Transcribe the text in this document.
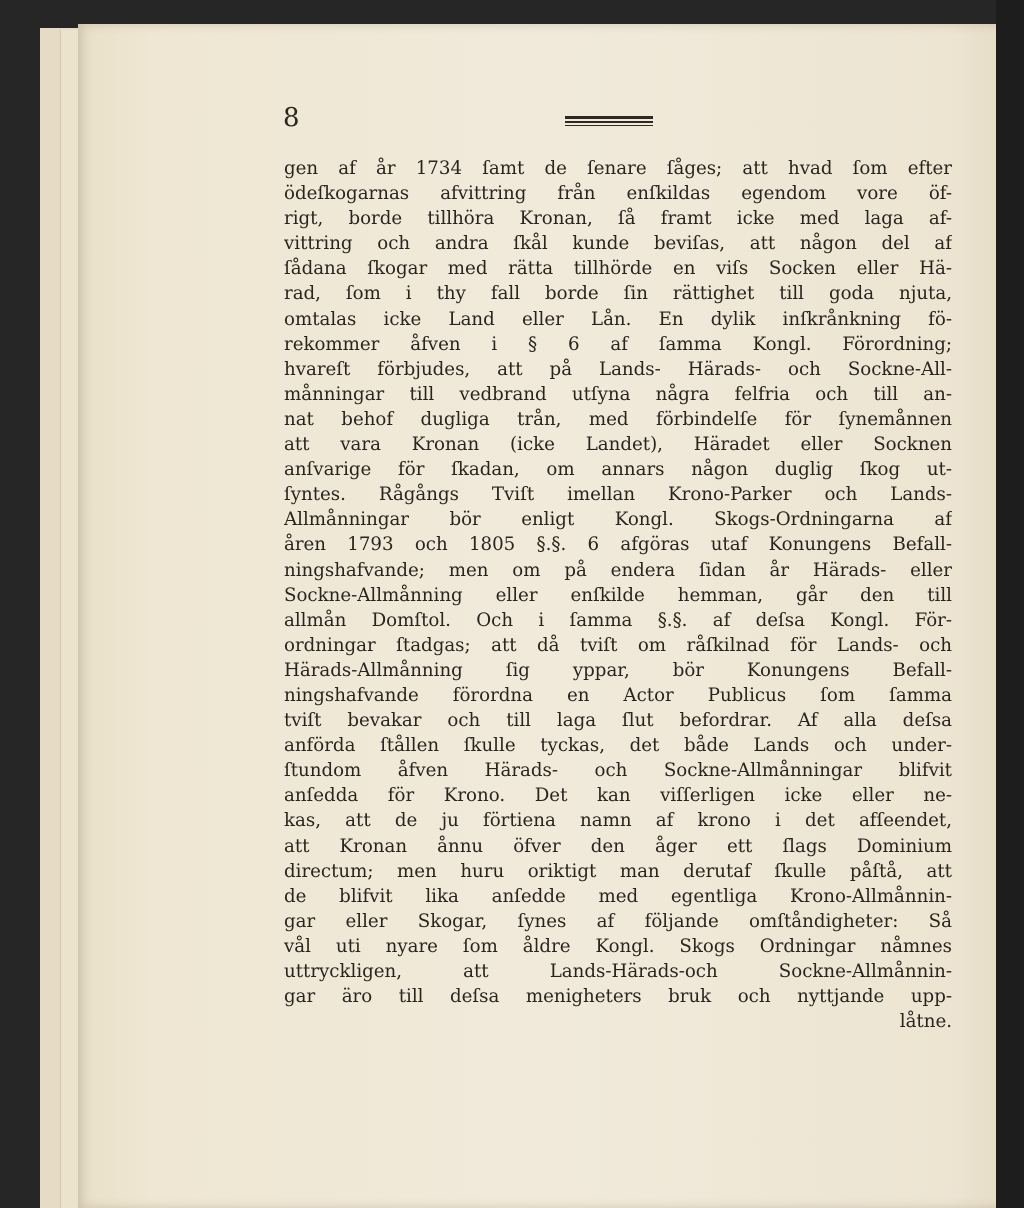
8
gen af år 1734 ſamt de ſenare ſåges; att hvad ſom efter
ödeſkogarnas afvittring från enſkildas egendom vore öf-
rigt, borde tillhöra Kronan, ſå framt icke med laga af-
vittring och andra ſkål kunde beviſas, att någon del af
ſådana ſkogar med rätta tillhörde en viſs Socken eller Hä-
rad, ſom i thy fall borde ſin rättighet till goda njuta,
omtalas icke Land eller Lån. En dylik inſkrånkning fö-
rekommer åfven i § 6 af ſamma Kongl. Förordning;
hvareſt förbjudes, att på Lands- Härads- och Sockne-All-
månningar till vedbrand utſyna några felfria och till an-
nat behof dugliga trån, med förbindelſe för ſynemånnen
att vara Kronan (icke Landet), Häradet eller Socknen
anſvarige för ſkadan, om annars någon duglig ſkog ut-
ſyntes. Rågångs Tviſt imellan Krono-Parker och Lands-
Allmånningar bör enligt Kongl. Skogs-Ordningarna af
åren 1793 och 1805 §.§. 6 afgöras utaf Konungens Befall-
ningshafvande; men om på endera ſidan år Härads- eller
Sockne-Allmånning eller enſkilde hemman, går den till
allmån Domſtol. Och i ſamma §.§. af deſsa Kongl. För-
ordningar ſtadgas; att då tviſt om råſkilnad för Lands- och
Härads-Allmånning ſig yppar, bör Konungens Befall-
ningshafvande förordna en Actor Publicus ſom ſamma
tviſt bevakar och till laga ſlut befordrar. Af alla deſsa
anförda ſtållen ſkulle tyckas, det både Lands och under-
ſtundom åfven Härads- och Sockne-Allmånningar blifvit
anſedda för Krono. Det kan viſſerligen icke eller ne-
kas, att de ju förtiena namn af krono i det afſeendet,
att Kronan ånnu öfver den åger ett ſlags Dominium
directum; men huru oriktigt man derutaf ſkulle påſtå, att
de blifvit lika anſedde med egentliga Krono-Allmånnin-
gar eller Skogar, ſynes af följande omſtåndigheter: Så
vål uti nyare ſom åldre Kongl. Skogs Ordningar nåmnes
uttryckligen, att Lands-Härads-och Sockne-Allmånnin-
gar äro till deſsa menigheters bruk och nyttjande upp-
låtne.
